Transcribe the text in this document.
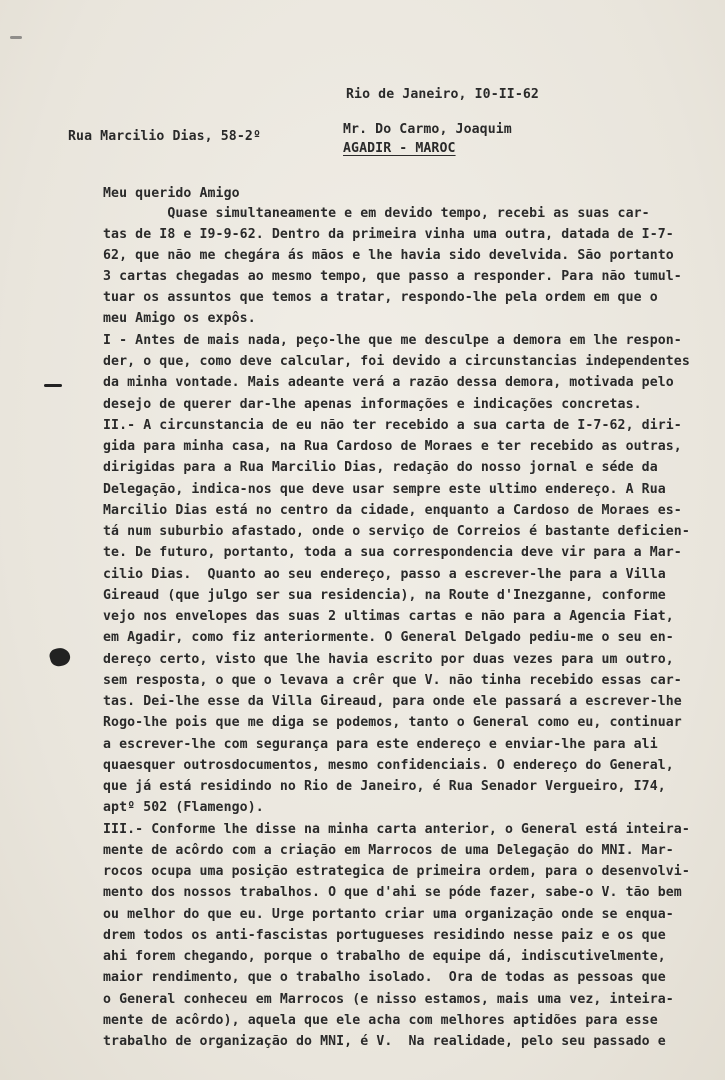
Rio de Janeiro, I0-II-62
Rua Marcilio Dias, 58-2º	Mr. Do Carmo, Joaquim
AGADIR - MAROC
Meu querido Amigo
Quase simultaneamente e em devido tempo, recebi as suas car-
tas de I8 e I9-9-62. Dentro da primeira vinha uma outra, datada de I-7-
62, que não me chegára ás mãos e lhe havia sido develvida. São portanto
3 cartas chegadas ao mesmo tempo, que passo a responder. Para não tumul-
tuar os assuntos que temos a tratar, respondo-lhe pela ordem em que o
meu Amigo os expôs.
I - Antes de mais nada, peço-lhe que me desculpe a demora em lhe respon-
der, o que, como deve calcular, foi devido a circunstancias independentes
da minha vontade. Mais adeante verá a razão dessa demora, motivada pelo
desejo de querer dar-lhe apenas informações e indicações concretas.
II.- A circunstancia de eu não ter recebido a sua carta de I-7-62, diri-
gida para minha casa, na Rua Cardoso de Moraes e ter recebido as outras,
dirigidas para a Rua Marcilio Dias, redação do nosso jornal e séde da
Delegação, indica-nos que deve usar sempre este ultimo endereço. A Rua
Marcilio Dias está no centro da cidade, enquanto a Cardoso de Moraes es-
tá num suburbio afastado, onde o serviço de Correios é bastante deficien-
te. De futuro, portanto, toda a sua correspondencia deve vir para a Mar-
cilio Dias.  Quanto ao seu endereço, passo a escrever-lhe para a Villa
Gireaud (que julgo ser sua residencia), na Route d'Inezganne, conforme
vejo nos envelopes das suas 2 ultimas cartas e não para a Agencia Fiat,
em Agadir, como fiz anteriormente. O General Delgado pediu-me o seu en-
dereço certo, visto que lhe havia escrito por duas vezes para um outro,
sem resposta, o que o levava a crêr que V. não tinha recebido essas car-
tas. Dei-lhe esse da Villa Gireaud, para onde ele passará a escrever-lhe
Rogo-lhe pois que me diga se podemos, tanto o General como eu, continuar
a escrever-lhe com segurança para este endereço e enviar-lhe para ali
quaesquer outrosdocumentos, mesmo confidenciais. O endereço do General,
que já está residindo no Rio de Janeiro, é Rua Senador Vergueiro, I74,
aptº 502 (Flamengo).
III.- Conforme lhe disse na minha carta anterior, o General está inteira-
mente de acôrdo com a criação em Marrocos de uma Delegação do MNI. Mar-
rocos ocupa uma posição estrategica de primeira ordem, para o desenvolvi-
mento dos nossos trabalhos. O que d'ahi se póde fazer, sabe-o V. tão bem
ou melhor do que eu. Urge portanto criar uma organização onde se enqua-
drem todos os anti-fascistas portugueses residindo nesse paiz e os que
ahi forem chegando, porque o trabalho de equipe dá, indiscutivelmente,
maior rendimento, que o trabalho isolado.  Ora de todas as pessoas que
o General conheceu em Marrocos (e nisso estamos, mais uma vez, inteira-
mente de acôrdo), aquela que ele acha com melhores aptidões para esse
trabalho de organização do MNI, é V.  Na realidade, pelo seu passado e
